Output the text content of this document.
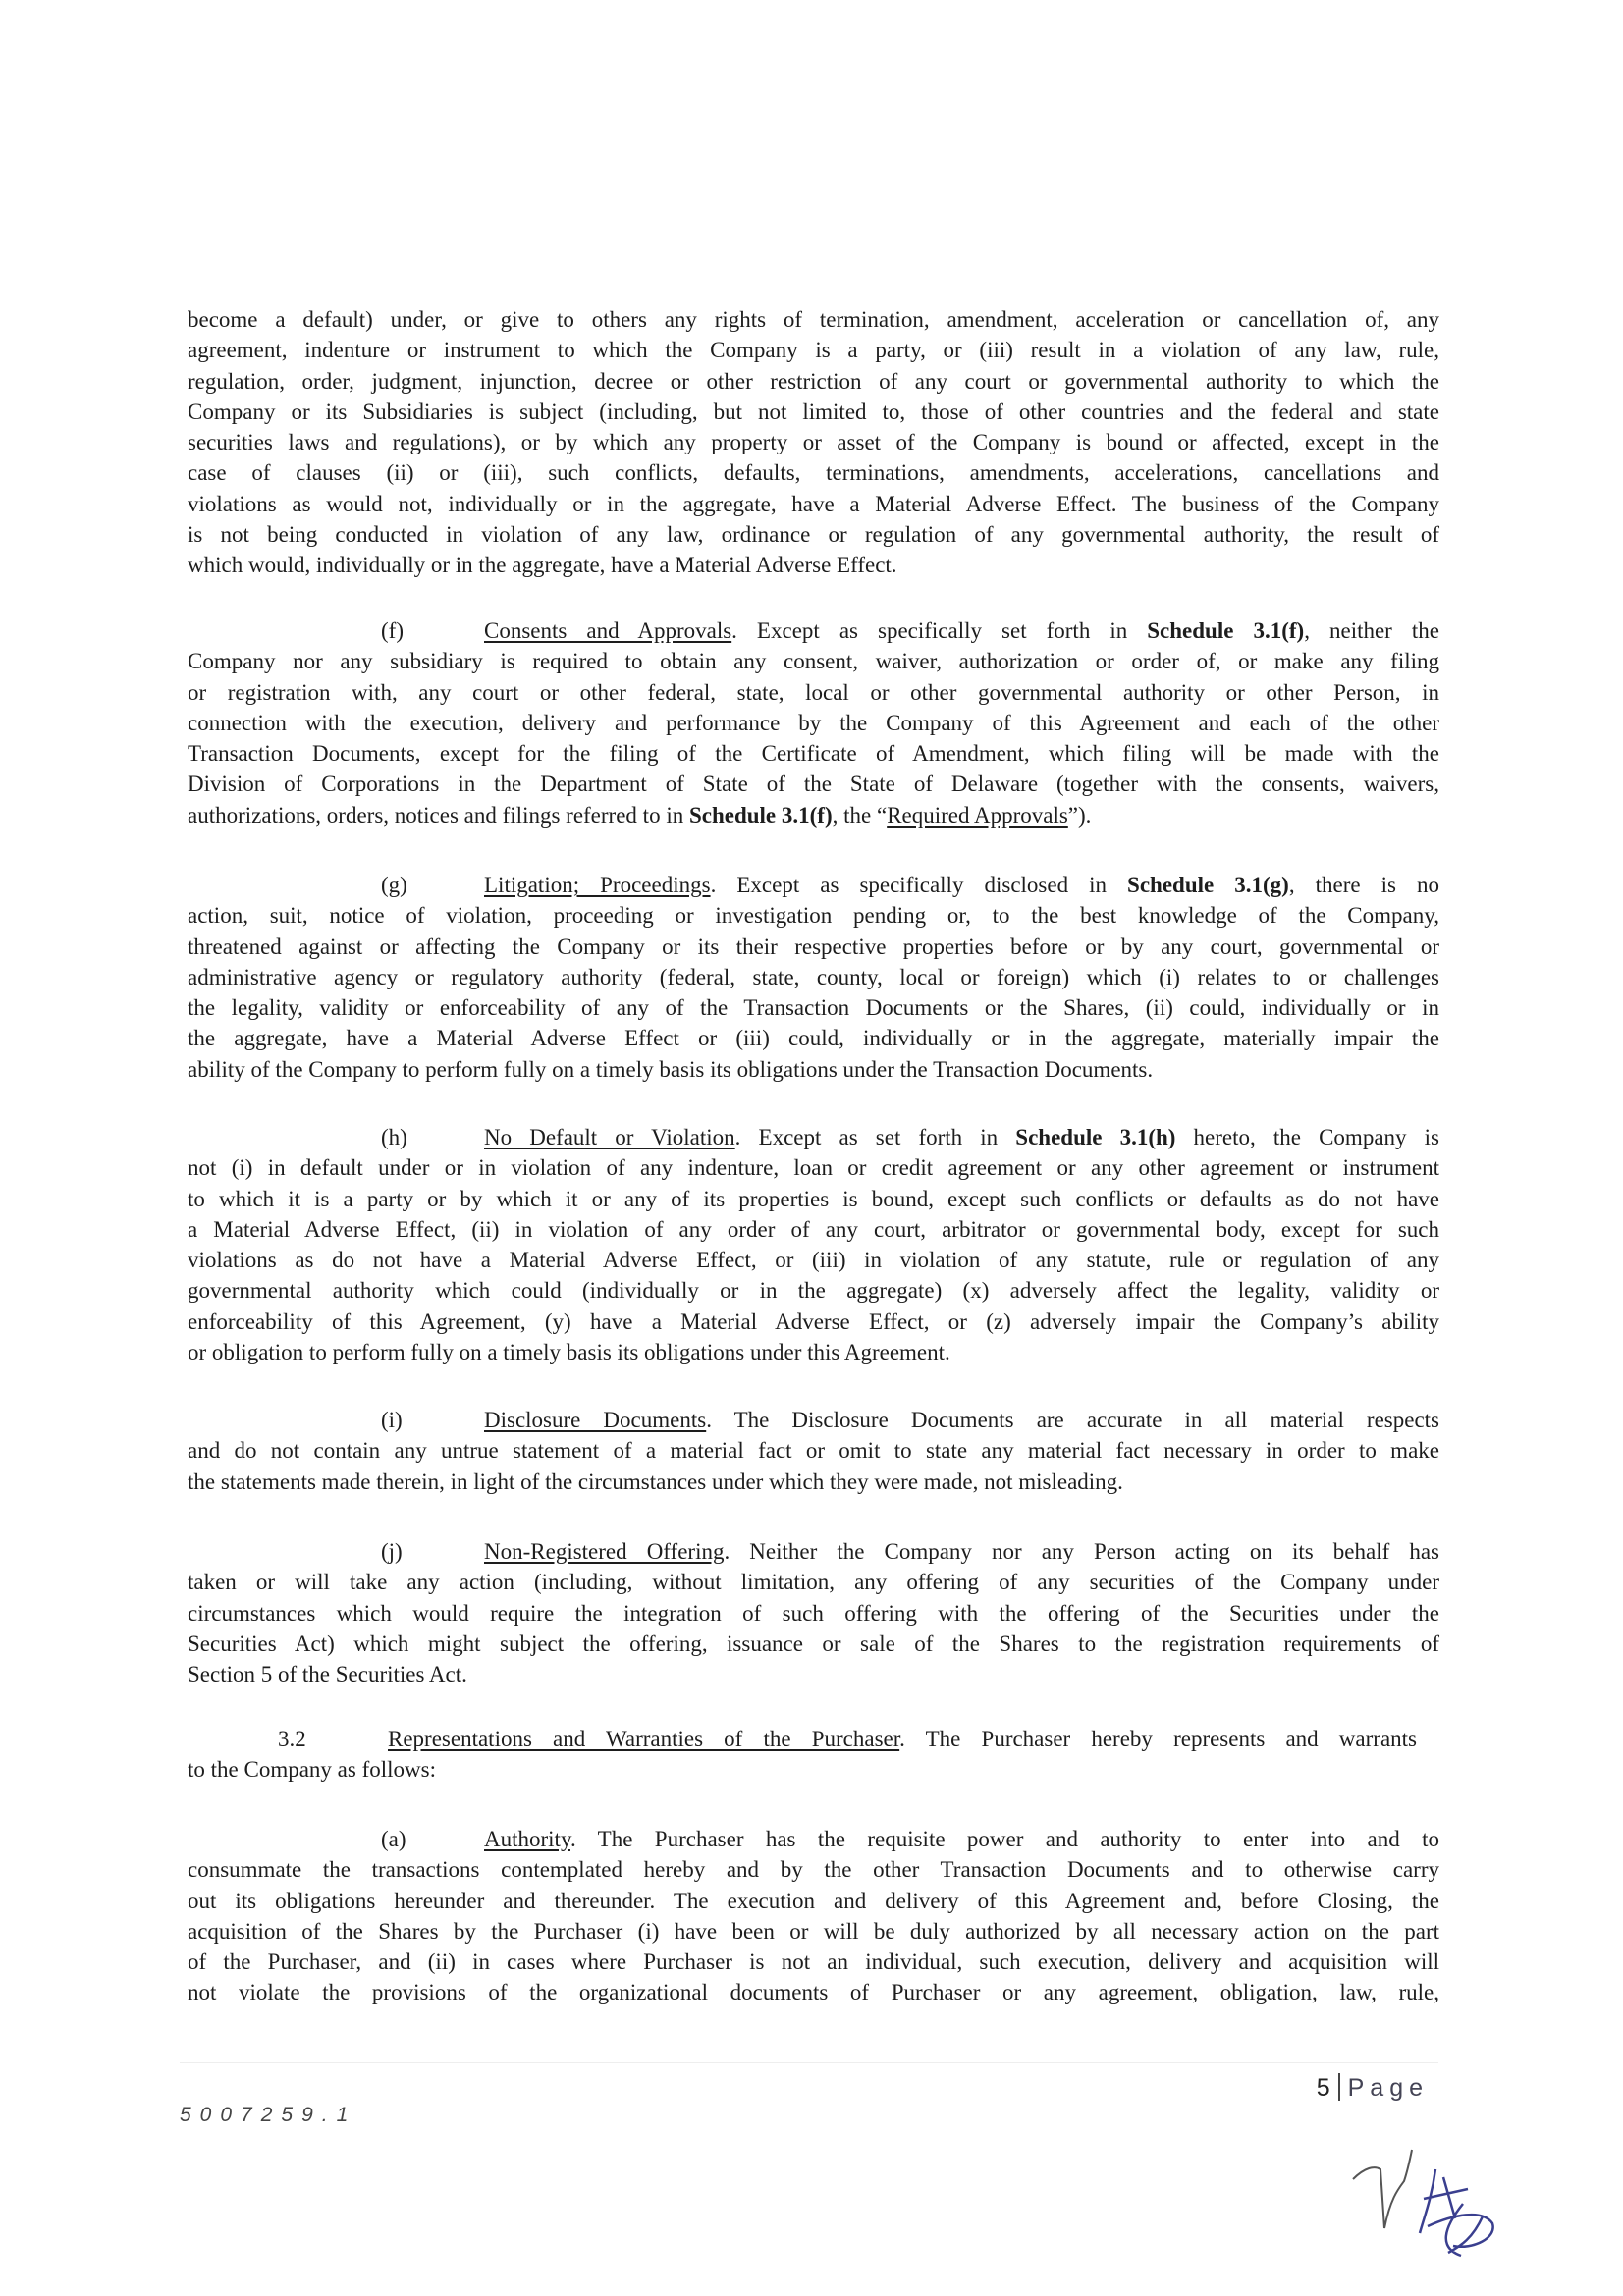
become a default) under, or give to others any rights of termination, amendment, acceleration or cancellation of, any
agreement, indenture or instrument to which the Company is a party, or (iii) result in a violation of any law, rule,
regulation, order, judgment, injunction, decree or other restriction of any court or governmental authority to which the
Company or its Subsidiaries is subject (including, but not limited to, those of other countries and the federal and state
securities laws and regulations), or by which any property or asset of the Company is bound or affected, except in the
case of clauses (ii) or (iii), such conflicts, defaults, terminations, amendments, accelerations, cancellations and
violations as would not, individually or in the aggregate, have a Material Adverse Effect. The business of the Company
is not being conducted in violation of any law, ordinance or regulation of any governmental authority, the result of
which would, individually or in the aggregate, have a Material Adverse Effect.
(f)	Consents and Approvals. Except as specifically set forth in Schedule 3.1(f), neither the
Company nor any subsidiary is required to obtain any consent, waiver, authorization or order of, or make any filing
or registration with, any court or other federal, state, local or other governmental authority or other Person, in
connection with the execution, delivery and performance by the Company of this Agreement and each of the other
Transaction Documents, except for the filing of the Certificate of Amendment, which filing will be made with the
Division of Corporations in the Department of State of the State of Delaware (together with the consents, waivers,
authorizations, orders, notices and filings referred to in Schedule 3.1(f), the “Required Approvals”).
(g)	Litigation; Proceedings. Except as specifically disclosed in Schedule 3.1(g), there is no
action, suit, notice of violation, proceeding or investigation pending or, to the best knowledge of the Company,
threatened against or affecting the Company or its their respective properties before or by any court, governmental or
administrative agency or regulatory authority (federal, state, county, local or foreign) which (i) relates to or challenges
the legality, validity or enforceability of any of the Transaction Documents or the Shares, (ii) could, individually or in
the aggregate, have a Material Adverse Effect or (iii) could, individually or in the aggregate, materially impair the
ability of the Company to perform fully on a timely basis its obligations under the Transaction Documents.
(h)	No Default or Violation. Except as set forth in Schedule 3.1(h) hereto, the Company is
not (i) in default under or in violation of any indenture, loan or credit agreement or any other agreement or instrument
to which it is a party or by which it or any of its properties is bound, except such conflicts or defaults as do not have
a Material Adverse Effect, (ii) in violation of any order of any court, arbitrator or governmental body, except for such
violations as do not have a Material Adverse Effect, or (iii) in violation of any statute, rule or regulation of any
governmental authority which could (individually or in the aggregate) (x) adversely affect the legality, validity or
enforceability of this Agreement, (y) have a Material Adverse Effect, or (z) adversely impair the Company’s ability
or obligation to perform fully on a timely basis its obligations under this Agreement.
(i)	Disclosure Documents. The Disclosure Documents are accurate in all material respects
and do not contain any untrue statement of a material fact or omit to state any material fact necessary in order to make
the statements made therein, in light of the circumstances under which they were made, not misleading.
(j)	Non-Registered Offering. Neither the Company nor any Person acting on its behalf has
taken or will take any action (including, without limitation, any offering of any securities of the Company under
circumstances which would require the integration of such offering with the offering of the Securities under the
Securities Act) which might subject the offering, issuance or sale of the Shares to the registration requirements of
Section 5 of the Securities Act.
3.2	Representations and Warranties of the Purchaser. The Purchaser hereby represents and warrants
to the Company as follows:
(a)	Authority. The Purchaser has the requisite power and authority to enter into and to
consummate the transactions contemplated hereby and by the other Transaction Documents and to otherwise carry
out its obligations hereunder and thereunder. The execution and delivery of this Agreement and, before Closing, the
acquisition of the Shares by the Purchaser (i) have been or will be duly authorized by all necessary action on the part
of the Purchaser, and (ii) in cases where Purchaser is not an individual, such execution, delivery and acquisition will
not violate the provisions of the organizational documents of Purchaser or any agreement, obligation, law, rule,
5 Page
5007259.1
